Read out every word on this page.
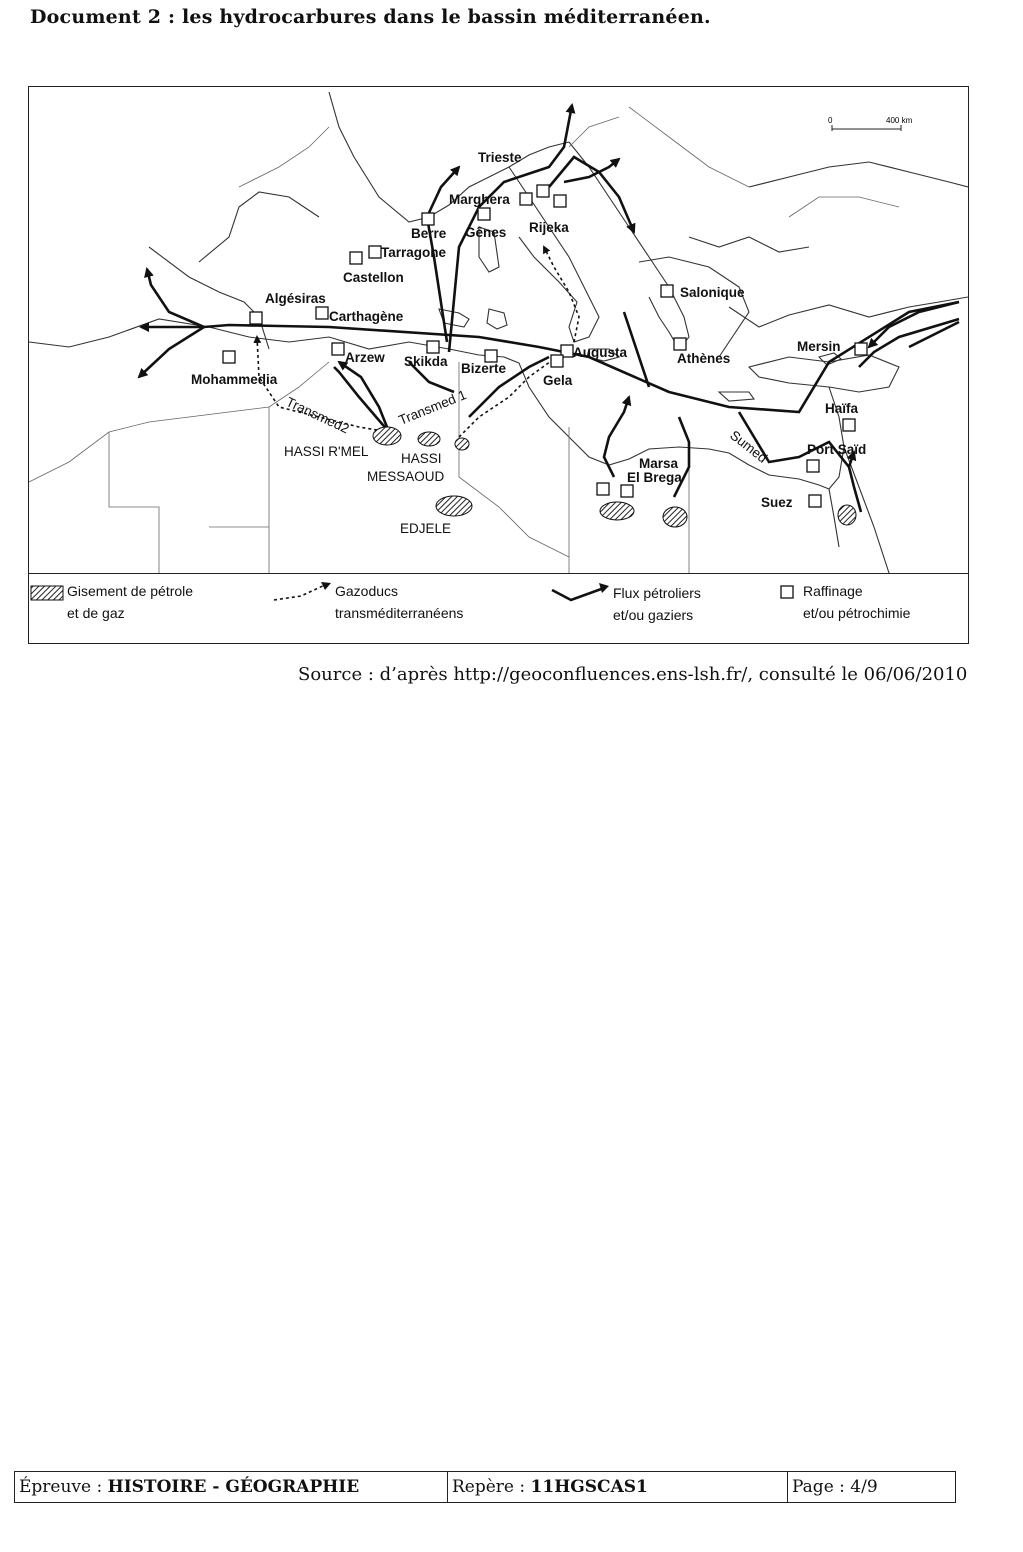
Document 2 : les hydrocarbures dans le bassin méditerranéen.
0	400 km
Trieste
Marghera
Berre Gênes Rijeka
Tarragone
Castellon
Algésiras
Carthagène
Salonique
Mohammedia
Arzew Skikda Bizerte
Augusta
Gela
Athènes
Mersin
Haïfa
Port Saïd
Suez
Marsa
El Brega
HASSI R'MEL HASSI
MESSAOUD
EDJELE
Transmed 1
Transmed2
Sumed
Gisement de pétrole
et de gaz
Gazoducs
transméditerranéens
Flux pétroliers
et/ou gaziers
Raffinage
et/ou pétrochimie
Source : d’après http://geoconfluences.ens-lsh.fr/, consulté le 06/06/2010
Épreuve : HISTOIRE - GÉOGRAPHIE	Repère : 11HGSCAS1	Page : 4/9
